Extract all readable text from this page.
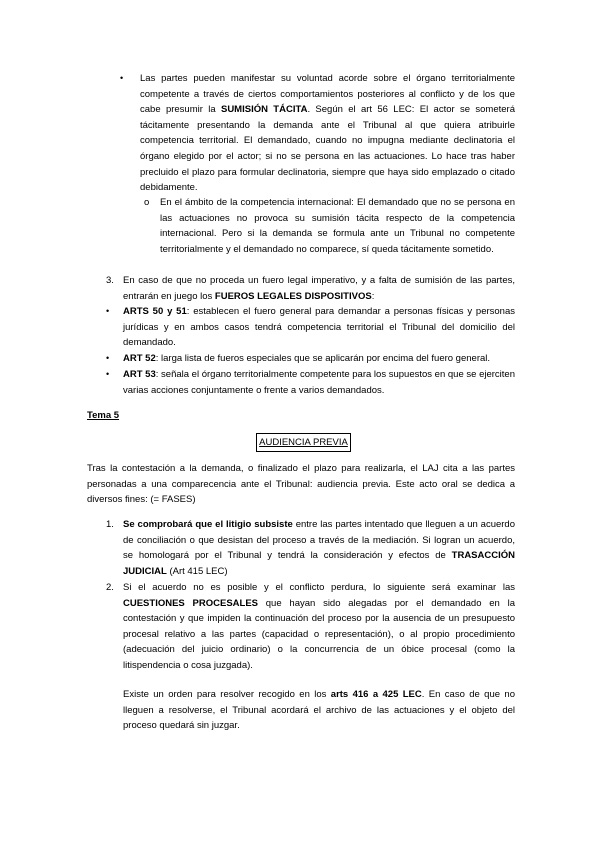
• Las partes pueden manifestar su voluntad acorde sobre el órgano territorialmente competente a través de ciertos comportamientos posteriores al conflicto y de los que cabe presumir la SUMISIÓN TÁCITA. Según el art 56 LEC: El actor se someterá tácitamente presentando la demanda ante el Tribunal al que quiera atribuirle competencia territorial. El demandado, cuando no impugna mediante declinatoria el órgano elegido por el actor; si no se persona en las actuaciones. Lo hace tras haber precluido el plazo para formular declinatoria, siempre que haya sido emplazado o citado debidamente.

o En el ámbito de la competencia internacional: El demandado que no se persona en las actuaciones no provoca su sumisión tácita respecto de la competencia internacional. Pero si la demanda se formula ante un Tribunal no competente territorialmente y el demandado no comparece, sí queda tácitamente sometido.

3. En caso de que no proceda un fuero legal imperativo, y a falta de sumisión de las partes, entrarán en juego los FUEROS LEGALES DISPOSITIVOS:

• ARTS 50 y 51: establecen el fuero general para demandar a personas físicas y personas jurídicas y en ambos casos tendrá competencia territorial el Tribunal del domicilio del demandado.

• ART 52: larga lista de fueros especiales que se aplicarán por encima del fuero general.

• ART 53: señala el órgano territorialmente competente para los supuestos en que se ejerciten varias acciones conjuntamente o frente a varios demandados.

Tema 5
AUDIENCIA PREVIA

Tras la contestación a la demanda, o finalizado el plazo para realizarla, el LAJ cita a las partes personadas a una comparecencia ante el Tribunal: audiencia previa. Este acto oral se dedica a diversos fines: (= FASES)

1. Se comprobará que el litigio subsiste entre las partes intentado que lleguen a un acuerdo de conciliación o que desistan del proceso a través de la mediación. Si logran un acuerdo, se homologará por el Tribunal y tendrá la consideración y efectos de TRASACCIÓN JUDICIAL (Art 415 LEC)

2. Si el acuerdo no es posible y el conflicto perdura, lo siguiente será examinar las CUESTIONES PROCESALES que hayan sido alegadas por el demandado en la contestación y que impiden la continuación del proceso por la ausencia de un presupuesto procesal relativo a las partes (capacidad o representación), o al propio procedimiento (adecuación del juicio ordinario) o la concurrencia de un óbice procesal (como la litispendencia o cosa juzgada).

Existe un orden para resolver recogido en los arts 416 a 425 LEC. En caso de que no lleguen a resolverse, el Tribunal acordará el archivo de las actuaciones y el objeto del proceso quedará sin juzgar.
